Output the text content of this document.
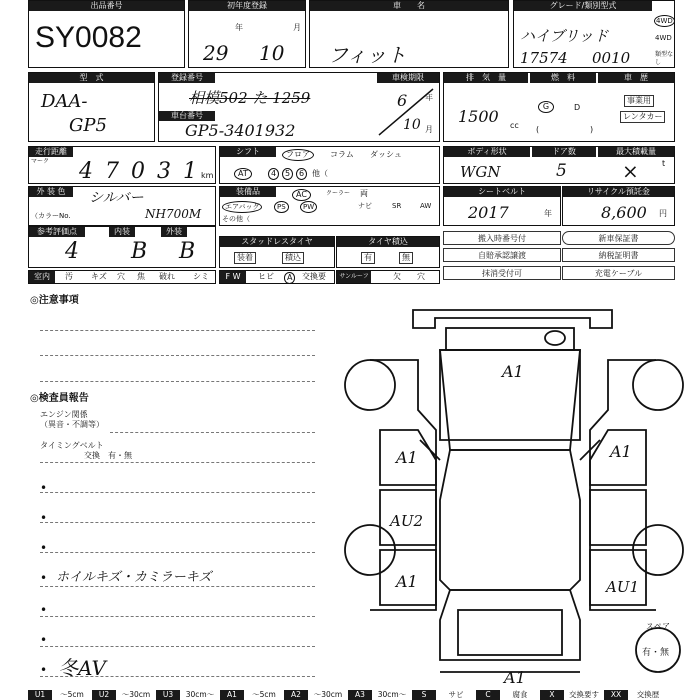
出品番号
SY0082
初年度登録
年	月
29 10
車　　名
フィット
グレード/類別型式
ハイブリッド
17574 0010
4WD
4WD
類型なし
型　式
DAA-
GP5
登録番号
相模502 た 1259
車台番号
GP5-3401932
車検期限
年
月
6
10
排　気　量
1500 cc
燃　料
G	D
(	)
車　歴
事業用
レンタカー
走行距離
マーク 4 7 0 3 1 km
シフト	フロア	コラム ダッシュ
AT	4	5	6 他（
ボディ形状
WGN
ドア数
5
最大積載量
×	t
外 装 色	シルバー
（カラーNo.	NH700M
装備品	AC	クーラー 両
エアバッグ	PS	PW	ナビ	SR	AW
その他（
シートベルト
2017	年
リサイクル預託金
8,600 円
参考評価点
4
内装
B
外装
B	スタッドレスタイヤ
装着	積込
タイヤ積込
有	無
搬入時番号付
自賠承認譲渡
抹消受付可
新車保証書
納税証明書
充電ケーブル
室内	汚 キズ 穴 焦 破れ シミ	F W	ヒビ	A	交換要	サンルーフ	欠 穴
◎注意事項
◎検査員報告
エンジン関係
（異音・不調等）
タイミングベルト
交換　有・無
•
•
•
• ホイルキズ・カミラーキズ
•
•
• 冬AV
A1
A1	A1
AU2
A1	AU1
A1
スペア
有・無
U1	～5cm	U2	～30cm	U3	30cm～	A1	～5cm	A2	～30cm	A3	30cm～	S	サビ	C	腐食	X	交換要す	XX	交換歴
